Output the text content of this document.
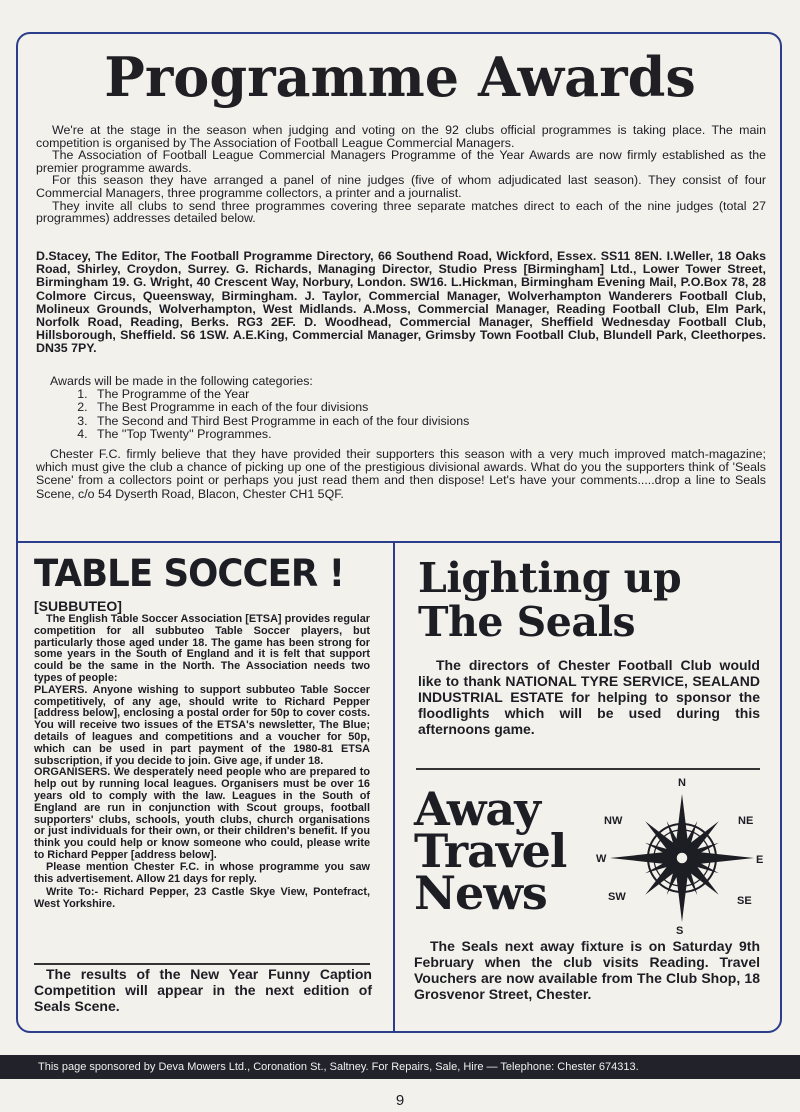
Programme Awards

We're at the stage in the season when judging and voting on the 92 clubs official programmes is taking place. The main competition is organised by The Association of Football League Commercial Managers.

The Association of Football League Commercial Managers Programme of the Year Awards are now firmly established as the premier programme awards.

For this season they have arranged a panel of nine judges (five of whom adjudicated last season). They consist of four Commercial Managers, three programme collectors, a printer and a journalist.

They invite all clubs to send three programmes covering three separate matches direct to each of the nine judges (total 27 programmes) addresses detailed below.

D.Stacey, The Editor, The Football Programme Directory, 66 Southend Road, Wickford, Essex. SS11 8EN. I.Weller, 18 Oaks Road, Shirley, Croydon, Surrey. G. Richards, Managing Director, Studio Press [Birmingham] Ltd., Lower Tower Street, Birmingham 19. G. Wright, 40 Crescent Way, Norbury, London. SW16. L.Hickman, Birmingham Evening Mail, P.O.Box 78, 28 Colmore Circus, Queensway, Birmingham. J. Taylor, Commercial Manager, Wolverhampton Wanderers Football Club, Molineux Grounds, Wolverhampton, West Midlands. A.Moss, Commercial Manager, Reading Football Club, Elm Park, Norfolk Road, Reading, Berks. RG3 2EF. D. Woodhead, Commercial Manager, Sheffield Wednesday Football Club, Hillsborough, Sheffield. S6 1SW. A.E.King, Commercial Manager, Grimsby Town Football Club, Blundell Park, Cleethorpes. DN35 7PY.

Awards will be made in the following categories:

1. The Programme of the Year
2. The Best Programme in each of the four divisions
3. The Second and Third Best Programme in each of the four divisions
4. The ''Top Twenty'' Programmes.

Chester F.C. firmly believe that they have provided their supporters this season with a very much improved match-magazine; which must give the club a chance of picking up one of the prestigious divisional awards. What do you the supporters think of 'Seals Scene' from a collectors point or perhaps you just read them and then dispose! Let's have your comments.....drop a line to Seals Scene, c/o 54 Dyserth Road, Blacon, Chester CH1 5QF.

TABLE SOCCER !

[SUBBUTEO]

The English Table Soccer Association [ETSA] provides regular competition for all subbuteo Table Soccer players, but particularly those aged under 18. The game has been strong for some years in the South of England and it is felt that support could be the same in the North. The Association needs two types of people:

PLAYERS. Anyone wishing to support subbuteo Table Soccer competitively, of any age, should write to Richard Pepper [address below], enclosing a postal order for 50p to cover costs. You will receive two issues of the ETSA's newsletter, The Blue; details of leagues and competitions and a voucher for 50p, which can be used in part payment of the 1980-81 ETSA subscription, if you decide to join. Give age, if under 18.

ORGANISERS. We desperately need people who are prepared to help out by running local leagues. Organisers must be over 16 years old to comply with the law. Leagues in the South of England are run in conjunction with Scout groups, football supporters' clubs, schools, youth clubs, church organisations or just individuals for their own, or their children's benefit. If you think you could help or know someone who could, please write to Richard Pepper [address below].

Please mention Chester F.C. in whose programme you saw this advertisement. Allow 21 days for reply.

Write To:- Richard Pepper, 23 Castle Skye View, Pontefract, West Yorkshire.

The results of the New Year Funny Caption Competition will appear in the next edition of Seals Scene.

Lighting up
The Seals

The directors of Chester Football Club would like to thank NATIONAL TYRE SERVICE, SEALAND INDUSTRIAL ESTATE for helping to sponsor the floodlights which will be used during this afternoons game.

Away
Travel
News
N
NE
E
SE
S
SW
W
NW

The Seals next away fixture is on Saturday 9th February when the club visits Reading. Travel Vouchers are now available from The Club Shop, 18 Grosvenor Street, Chester.

This page sponsored by Deva Mowers Ltd., Coronation St., Saltney. For Repairs, Sale, Hire — Telephone: Chester 674313.

9
